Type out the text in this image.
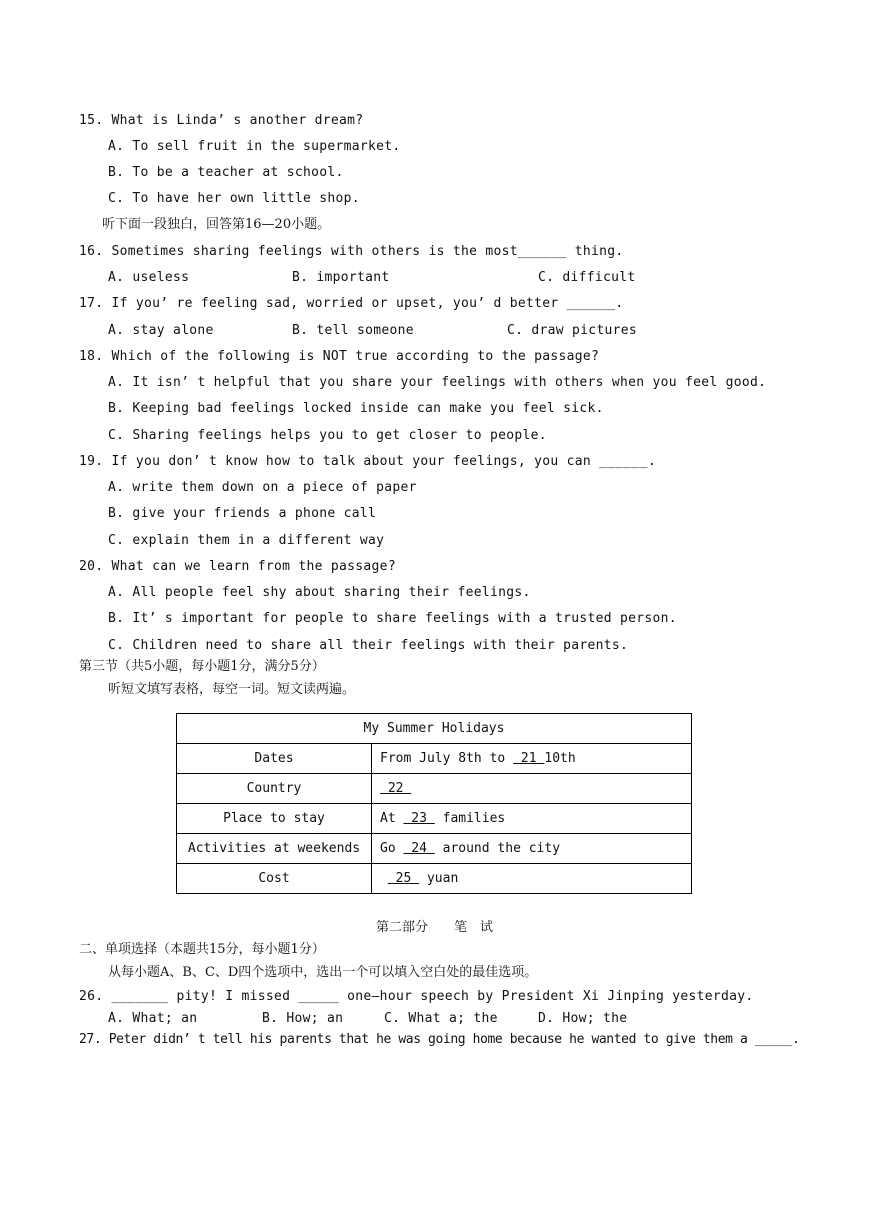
15. What is Linda’ s another dream?
A. To sell fruit in the supermarket.
B. To be a teacher at school.
C. To have her own little shop.
听下面一段独白，回答第16—20小题。
16. Sometimes sharing feelings with others is the most______ thing.
A. useless	B. important	C. difficult
17. If you’ re feeling sad, worried or upset, you’ d better ______.
A. stay alone	B. tell someone	C. draw pictures
18. Which of the following is NOT true according to the passage?
A. It isn’ t helpful that you share your feelings with others when you feel good.
B. Keeping bad feelings locked inside can make you feel sick.
C. Sharing feelings helps you to get closer to people.
19. If you don’ t know how to talk about your feelings, you can ______.
A. write them down on a piece of paper
B. give your friends a phone call
C. explain them in a different way
20. What can we learn from the passage?
A. All people feel shy about sharing their feelings.
B. It’ s important for people to share feelings with a trusted person.
C. Children need to share all their feelings with their parents.
第三节（共5小题，每小题1分，满分5分）
听短文填写表格，每空一词。短文读两遍。
My Summer Holidays	
Dates	From July 8th to  21 10th
Country	22
Place to stay	At  23  families
Activities at weekends	Go  24  around the city
Cost	25  yuan
第二部分　　笔　试
二、单项选择（本题共15分，每小题1分）
从每小题A、B、C、D四个选项中，选出一个可以填入空白处的最佳选项。
26. _______ pity! I missed _____ one—hour speech by President Xi Jinping yesterday.
A. What; an	B. How; an	C. What a; the	D. How; the
27. Peter didn’ t tell his parents that he was going home because he wanted to give them a _____.
